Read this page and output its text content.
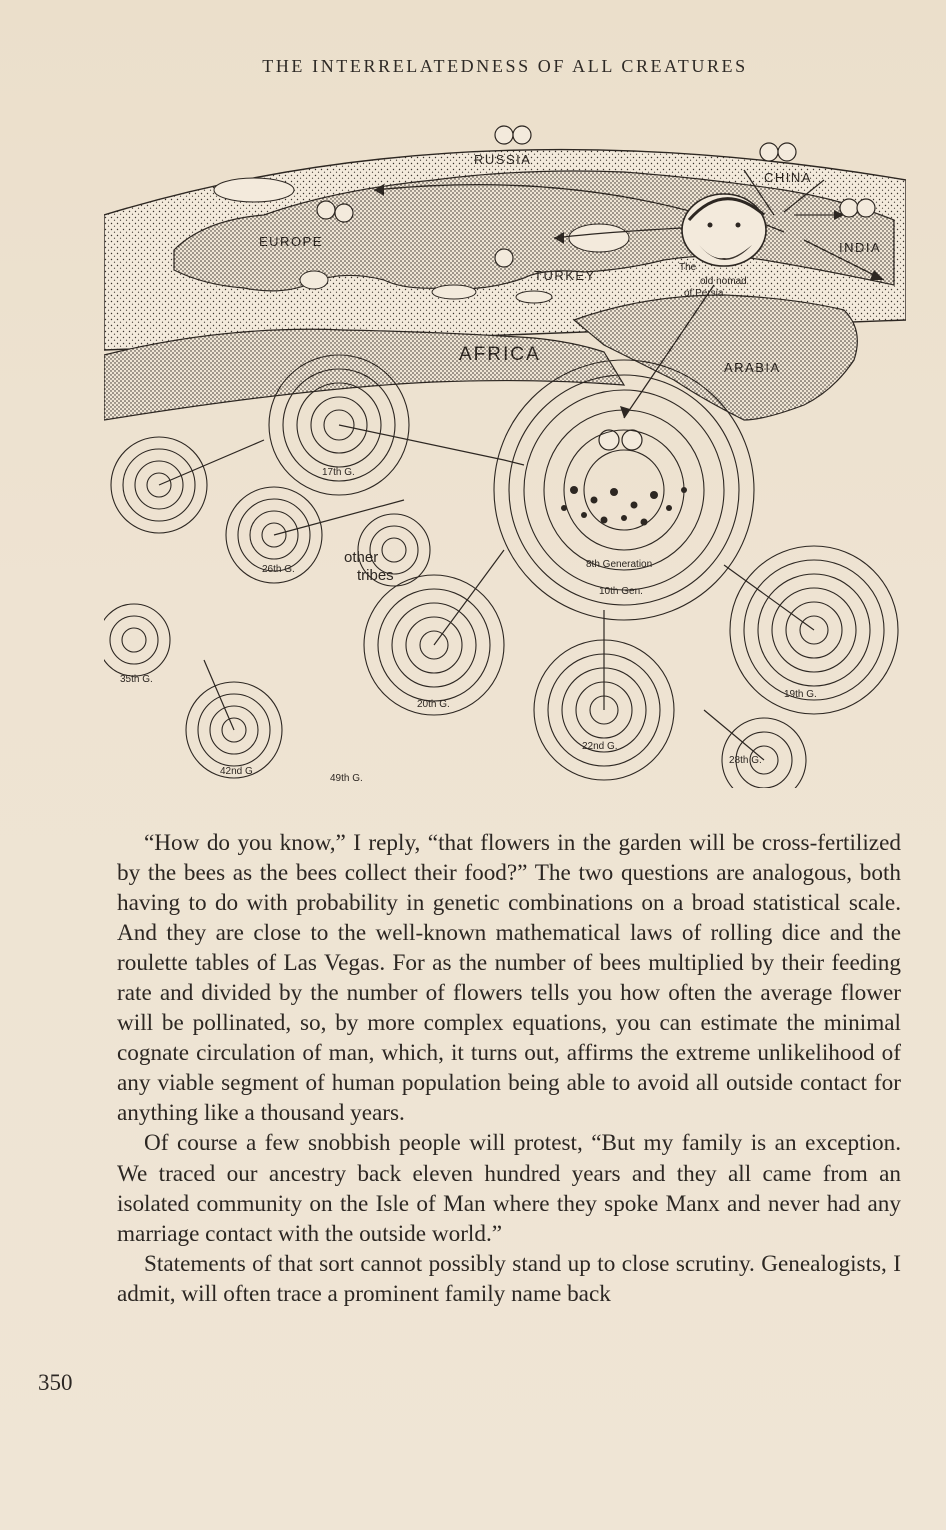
THE INTERRELATEDNESS OF ALL CREATURES
RUSSIA
CHINA
INDIA
EUROPE
TURKEY
AFRICA
ARABIA
The
old nomad
of Persia
other
tribes
8th Generation
10th Gen.
17th G.
19th G.
20th G.
22nd G.
26th G.
28th G.
35th G.
42nd G.
49th G.

“How do you know,” I reply, “that flowers in the garden will be cross-fertilized by the bees as the bees collect their food?” The two questions are analogous, both having to do with probability in genetic combinations on a broad statistical scale. And they are close to the well-known mathematical laws of rolling dice and the roulette tables of Las Vegas. For as the number of bees multiplied by their feeding rate and divided by the number of flowers tells you how often the average flower will be pollinated, so, by more complex equations, you can estimate the minimal cognate circulation of man, which, it turns out, affirms the extreme unlikelihood of any viable segment of human population being able to avoid all outside contact for anything like a thousand years.

Of course a few snobbish people will protest, “But my family is an exception. We traced our ancestry back eleven hundred years and they all came from an isolated community on the Isle of Man where they spoke Manx and never had any marriage contact with the outside world.”

Statements of that sort cannot possibly stand up to close scrutiny. Genealogists, I admit, will often trace a prominent family name back

350
